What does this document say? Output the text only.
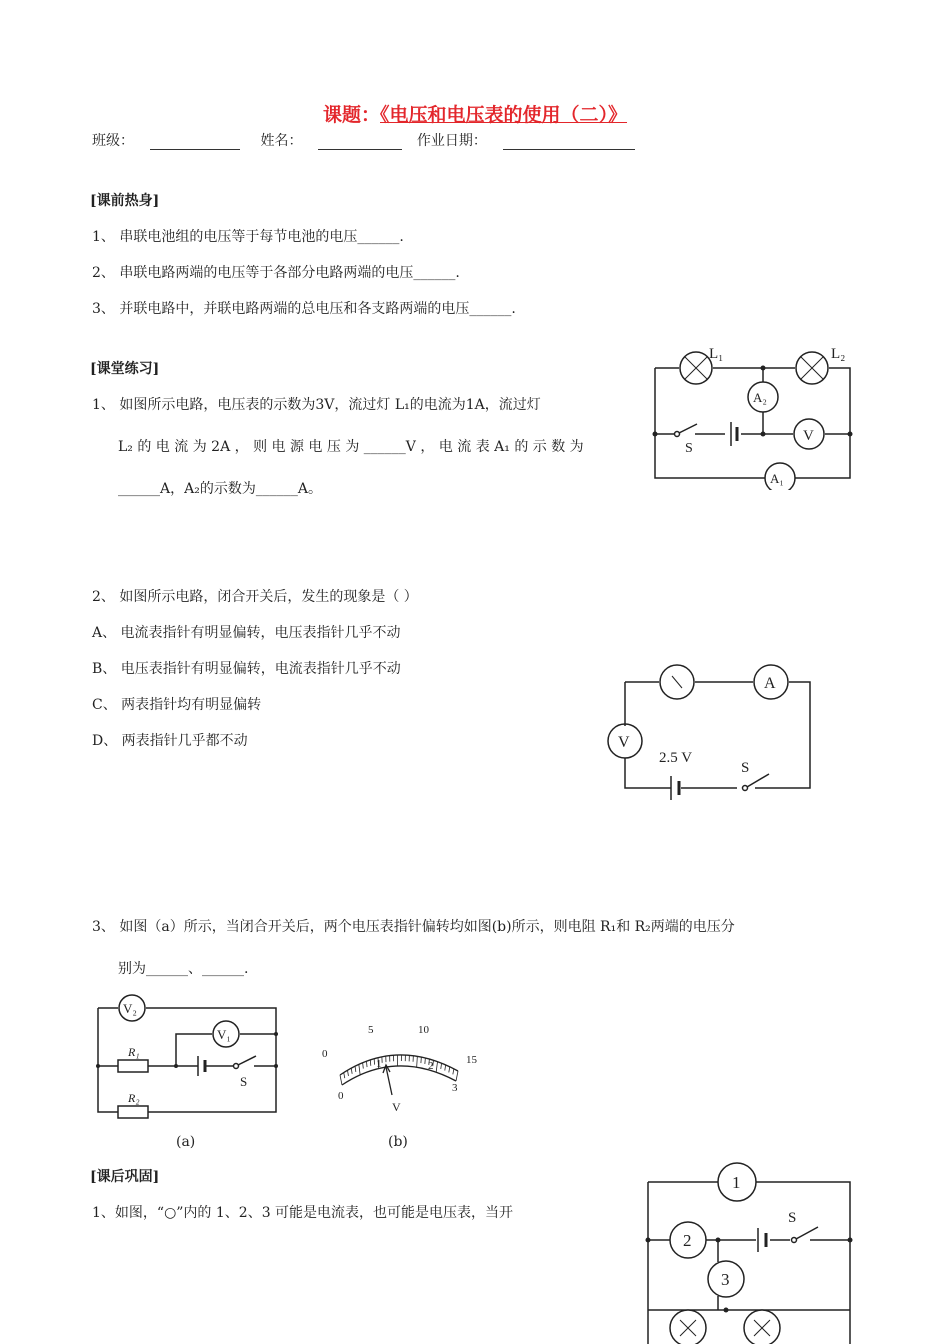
课题：《电压和电压表的使用（二）》
班级：	姓名：	作业日期：
[课前热身]
1、 串联电池组的电压等于每节电池的电压______.
2、 串联电路两端的电压等于各部分电路两端的电压______.
3、 并联电路中，并联电路两端的总电压和各支路两端的电压______.
[课堂练习]
1、 如图所示电路，电压表的示数为3V，流过灯 L₁的电流为1A，流过灯
L₂ 的 电 流 为 2A ， 则 电 源 电 压 为 ______V ， 电 流 表 A₁ 的 示 数 为
______A，A₂的示数为______A。
2、 如图所示电路，闭合开关后，发生的现象是（ ）
A、 电流表指针有明显偏转，电压表指针几乎不动
B、 电压表指针有明显偏转，电流表指针几乎不动
C、 两表指针均有明显偏转
D、 两表指针几乎都不动
3、 如图（a）所示，当闭合开关后，两个电压表指针偏转均如图(b)所示，则电阻 R₁和 R₂两端的电压分
别为______、______.
[课后巩固]
1、如图，“○”内的 1、2、3 可能是电流表，也可能是电压表，当开
L₁	L₂
A₂
S
V
A₁
A
V
2.5 V
S
V₂
V₁
R₁
R₂
S
(a)
0
5	10
15
0
1	2
3
V
(b)
1
2
3
S
